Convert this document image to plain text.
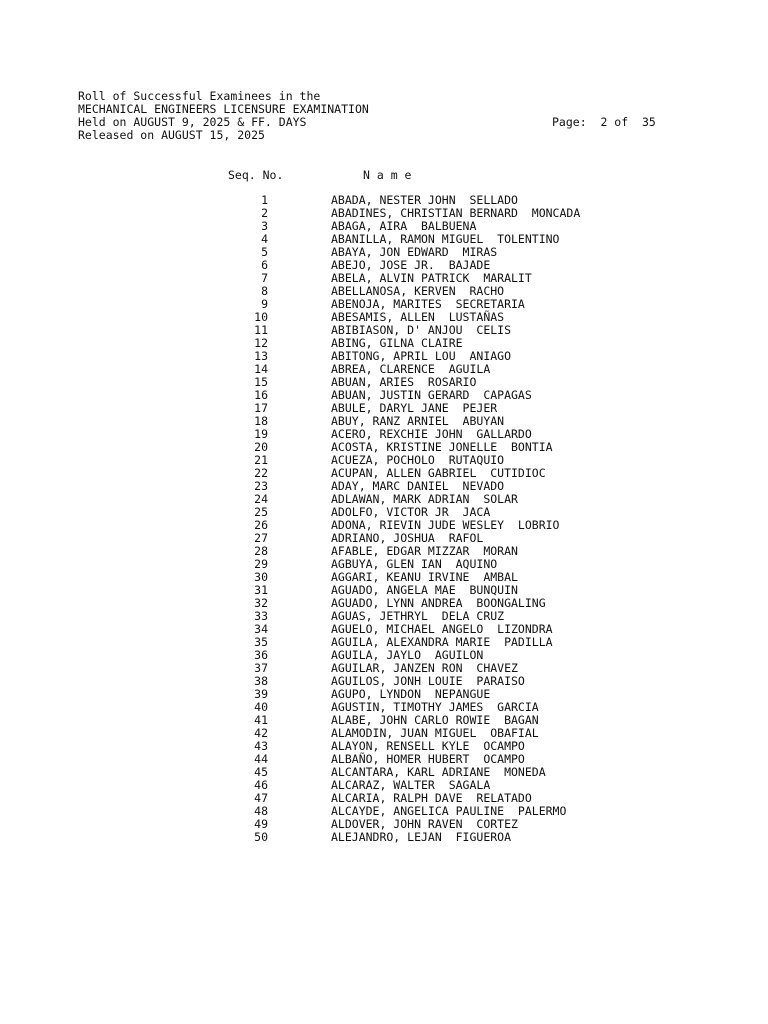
Roll of Successful Examinees in the
MECHANICAL ENGINEERS LICENSURE EXAMINATION
Held on AUGUST 9, 2025 & FF. DAYS
Released on AUGUST 15, 2025
Page:  2 of  35
Seq. No.	N a m e
1	ABADA, NESTER JOHN  SELLADO
2	ABADINES, CHRISTIAN BERNARD  MONCADA
3	ABAGA, AIRA  BALBUENA
4	ABANILLA, RAMON MIGUEL  TOLENTINO
5	ABAYA, JON EDWARD  MIRAS
6	ABEJO, JOSE JR.  BAJADE
7	ABELA, ALVIN PATRICK  MARALIT
8	ABELLANOSA, KERVEN  RACHO
9	ABENOJA, MARITES  SECRETARIA
10	ABESAMIS, ALLEN  LUSTAÑAS
11	ABIBIASON, D' ANJOU  CELIS
12	ABING, GILNA CLAIRE
13	ABITONG, APRIL LOU  ANIAGO
14	ABREA, CLARENCE  AGUILA
15	ABUAN, ARIES  ROSARIO
16	ABUAN, JUSTIN GERARD  CAPAGAS
17	ABULE, DARYL JANE  PEJER
18	ABUY, RANZ ARNIEL  ABUYAN
19	ACERO, REXCHIE JOHN  GALLARDO
20	ACOSTA, KRISTINE JONELLE  BONTIA
21	ACUEZA, POCHOLO  RUTAQUIO
22	ACUPAN, ALLEN GABRIEL  CUTIDIOC
23	ADAY, MARC DANIEL  NEVADO
24	ADLAWAN, MARK ADRIAN  SOLAR
25	ADOLFO, VICTOR JR  JACA
26	ADONA, RIEVIN JUDE WESLEY  LOBRIO
27	ADRIANO, JOSHUA  RAFOL
28	AFABLE, EDGAR MIZZAR  MORAN
29	AGBUYA, GLEN IAN  AQUINO
30	AGGARI, KEANU IRVINE  AMBAL
31	AGUADO, ANGELA MAE  BUNQUIN
32	AGUADO, LYNN ANDREA  BOONGALING
33	AGUAS, JETHRYL  DELA CRUZ
34	AGUELO, MICHAEL ANGELO  LIZONDRA
35	AGUILA, ALEXANDRA MARIE  PADILLA
36	AGUILA, JAYLO  AGUILON
37	AGUILAR, JANZEN RON  CHAVEZ
38	AGUILOS, JONH LOUIE  PARAISO
39	AGUPO, LYNDON  NEPANGUE
40	AGUSTIN, TIMOTHY JAMES  GARCIA
41	ALABE, JOHN CARLO ROWIE  BAGAN
42	ALAMODIN, JUAN MIGUEL  OBAFIAL
43	ALAYON, RENSELL KYLE  OCAMPO
44	ALBAÑO, HOMER HUBERT  OCAMPO
45	ALCANTARA, KARL ADRIANE  MONEDA
46	ALCARAZ, WALTER  SAGALA
47	ALCARIA, RALPH DAVE  RELATADO
48	ALCAYDE, ANGELICA PAULINE  PALERMO
49	ALDOVER, JOHN RAVEN  CORTEZ
50	ALEJANDRO, LEJAN  FIGUEROA
